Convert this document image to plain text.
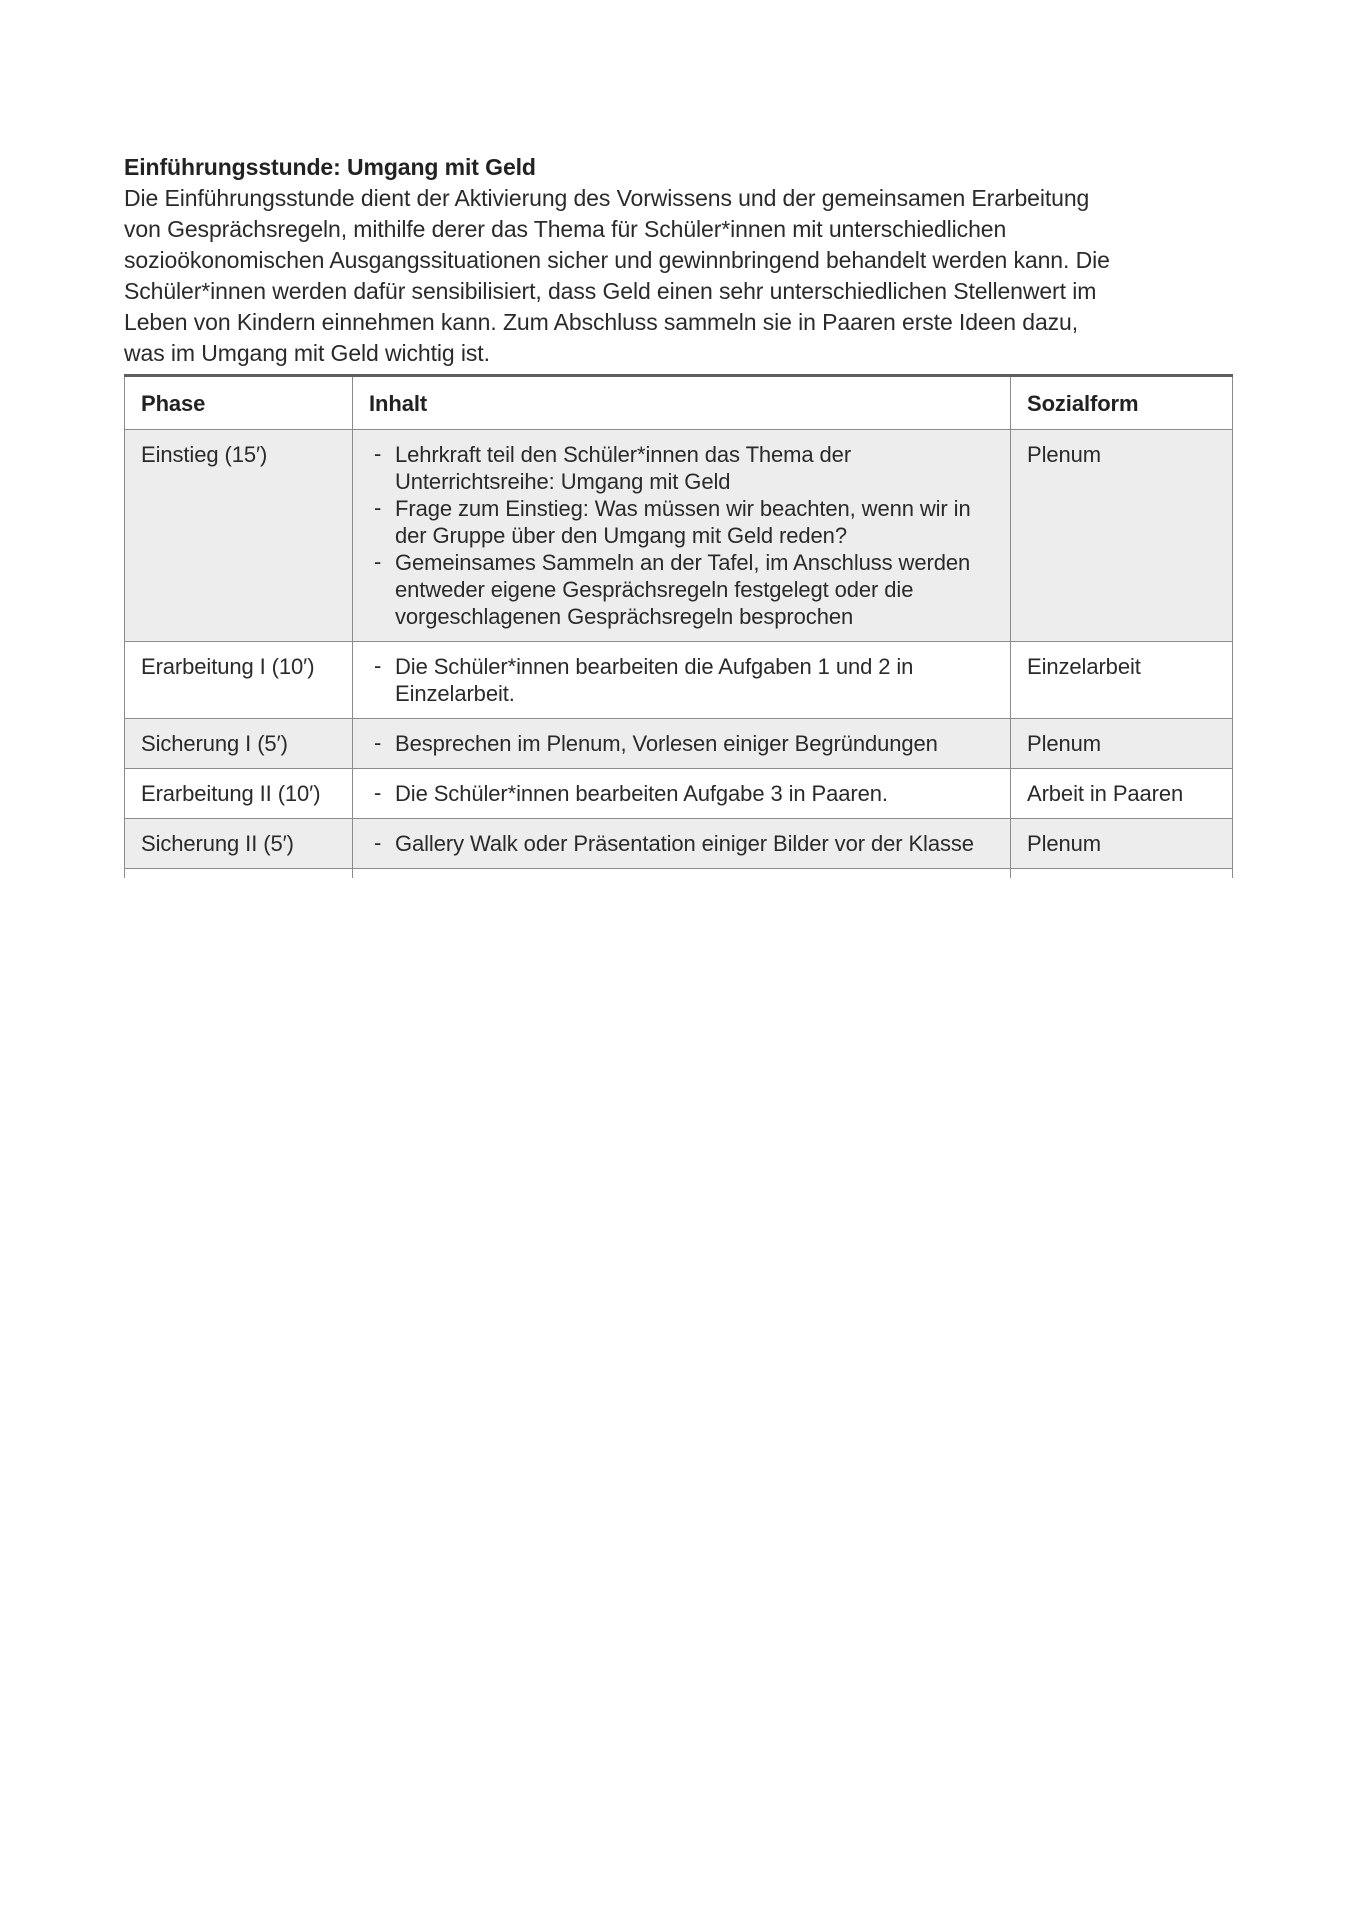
Einführungsstunde: Umgang mit Geld
Die Einführungsstunde dient der Aktivierung des Vorwissens und der gemeinsamen Erarbeitung
von Gesprächsregeln, mithilfe derer das Thema für Schüler*innen mit unterschiedlichen
sozioökonomischen Ausgangssituationen sicher und gewinnbringend behandelt werden kann. Die
Schüler*innen werden dafür sensibilisiert, dass Geld einen sehr unterschiedlichen Stellenwert im
Leben von Kindern einnehmen kann. Zum Abschluss sammeln sie in Paaren erste Ideen dazu,
was im Umgang mit Geld wichtig ist.
Phase	Inhalt	Sozialform
Einstieg (15′)	- Lehrkraft teil den Schüler*innen das Thema der Unterrichtsreihe: Umgang mit Geld
- Frage zum Einstieg: Was müssen wir beachten, wenn wir in der Gruppe über den Umgang mit Geld reden?
- Gemeinsames Sammeln an der Tafel, im Anschluss werden entweder eigene Gesprächsregeln festgelegt oder die vorgeschlagenen Gesprächsregeln besprochen
	Plenum
Erarbeitung I (10′)	- Die Schüler*innen bearbeiten die Aufgaben 1 und 2 in Einzelarbeit.
	Einzelarbeit
Sicherung I (5′)	- Besprechen im Plenum, Vorlesen einiger Begründungen	Plenum
Erarbeitung II (10′)	- Die Schüler*innen bearbeiten Aufgabe 3 in Paaren.	Arbeit in Paaren
Sicherung II (5′)	- Gallery Walk oder Präsentation einiger Bilder vor der Klasse	Plenum
